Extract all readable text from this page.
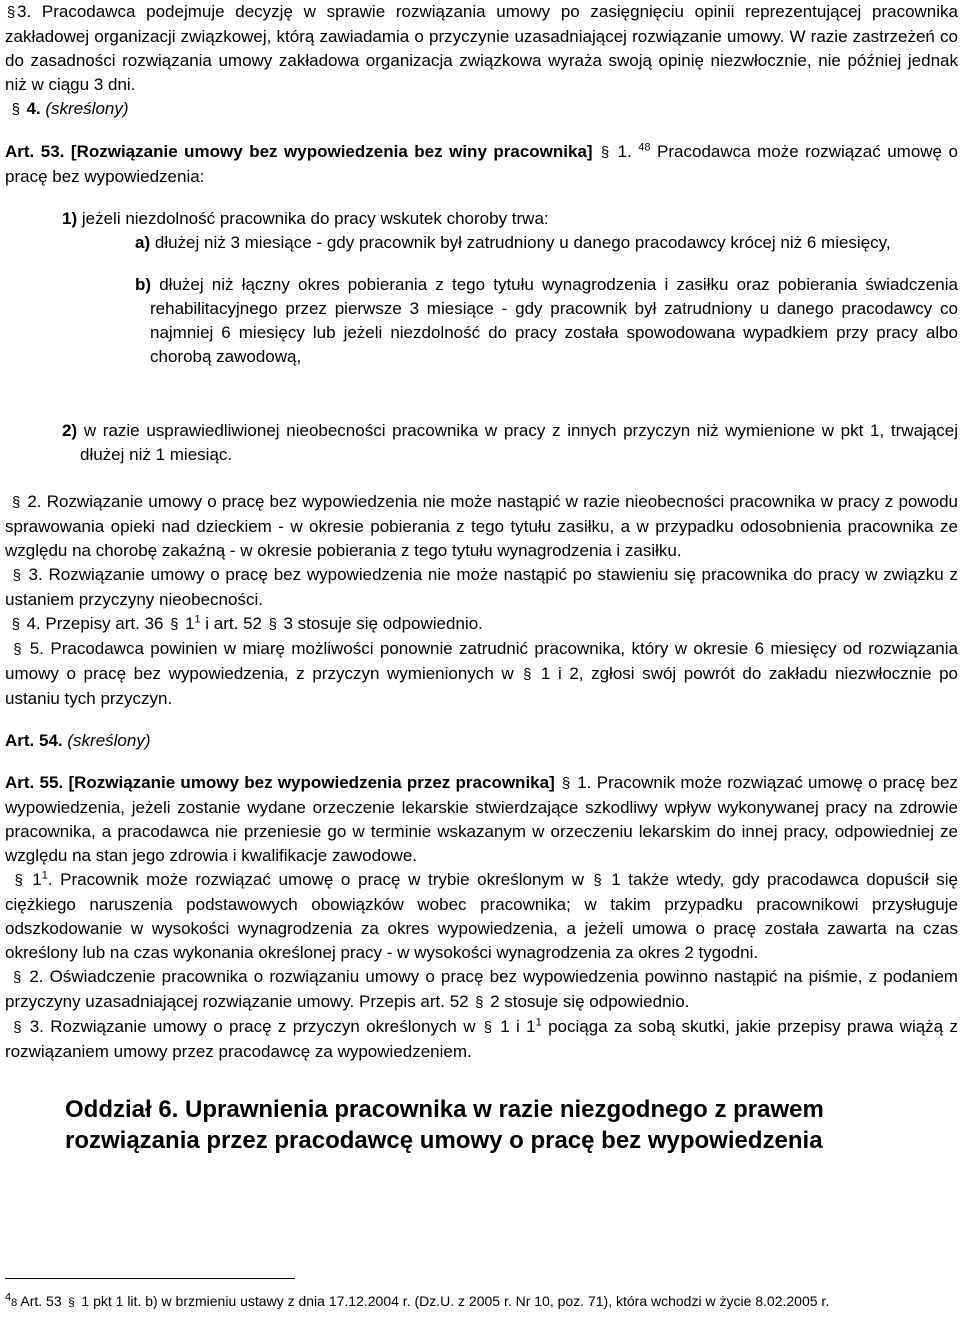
§ 3. Pracodawca podejmuje decyzję w sprawie rozwiązania umowy po zasięgnięciu opinii reprezentującej pracownika zakładowej organizacji związkowej, którą zawiadamia o przyczynie uzasadniającej rozwiązanie umowy. W razie zastrzeżeń co do zasadności rozwiązania umowy zakładowa organizacja związkowa wyraża swoją opinię niezwłocznie, nie później jednak niż w ciągu 3 dni.

§ 4. (skreślony)

Art. 53. [Rozwiązanie umowy bez wypowiedzenia bez winy pracownika] § 1. $^{48}$ Pracodawca może rozwiązać umowę o pracę bez wypowiedzenia:

1) jeżeli niezdolność pracownika do pracy wskutek choroby trwa:

a) dłużej niż 3 miesiące - gdy pracownik był zatrudniony u danego pracodawcy krócej niż 6 miesięcy,

b) dłużej niż łączny okres pobierania z tego tytułu wynagrodzenia i zasiłku oraz pobierania świadczenia rehabilitacyjnego przez pierwsze 3 miesiące - gdy pracownik był zatrudniony u danego pracodawcy co najmniej 6 miesięcy lub jeżeli niezdolność do pracy została spowodowana wypadkiem przy pracy albo chorobą zawodową,

2) w razie usprawiedliwionej nieobecności pracownika w pracy z innych przyczyn niż wymienione w pkt 1, trwającej dłużej niż 1 miesiąc.

§ 2. Rozwiązanie umowy o pracę bez wypowiedzenia nie może nastąpić w razie nieobecności pracownika w pracy z powodu sprawowania opieki nad dzieckiem - w okresie pobierania z tego tytułu zasiłku, a w przypadku odosobnienia pracownika ze względu na chorobę zakaźną - w okresie pobierania z tego tytułu wynagrodzenia i zasiłku.

§ 3. Rozwiązanie umowy o pracę bez wypowiedzenia nie może nastąpić po stawieniu się pracownika do pracy w związku z ustaniem przyczyny nieobecności.

§ 4. Przepisy art. 36 § $1^1$ i art. 52 § 3 stosuje się odpowiednio.

§ 5. Pracodawca powinien w miarę możliwości ponownie zatrudnić pracownika, który w okresie 6 miesięcy od rozwiązania umowy o pracę bez wypowiedzenia, z przyczyn wymienionych w § 1 i 2, zgłosi swój powrót do zakładu niezwłocznie po ustaniu tych przyczyn.

Art. 54. (skreślony)

Art. 55. [Rozwiązanie umowy bez wypowiedzenia przez pracownika] § 1. Pracownik może rozwiązać umowę o pracę bez wypowiedzenia, jeżeli zostanie wydane orzeczenie lekarskie stwierdzające szkodliwy wpływ wykonywanej pracy na zdrowie pracownika, a pracodawca nie przeniesie go w terminie wskazanym w orzeczeniu lekarskim do innej pracy, odpowiedniej ze względu na stan jego zdrowia i kwalifikacje zawodowe.

§ $1^1$. Pracownik może rozwiązać umowę o pracę w trybie określonym w § 1 także wtedy, gdy pracodawca dopuścił się ciężkiego naruszenia podstawowych obowiązków wobec pracownika; w takim przypadku pracownikowi przysługuje odszkodowanie w wysokości wynagrodzenia za okres wypowiedzenia, a jeżeli umowa o pracę została zawarta na czas określony lub na czas wykonania określonej pracy - w wysokości wynagrodzenia za okres 2 tygodni.

§ 2. Oświadczenie pracownika o rozwiązaniu umowy o pracę bez wypowiedzenia powinno nastąpić na piśmie, z podaniem przyczyny uzasadniającej rozwiązanie umowy. Przepis art. 52 § 2 stosuje się odpowiednio.

§ 3. Rozwiązanie umowy o pracę z przyczyn określonych w § 1 i $1^1$ pociąga za sobą skutki, jakie przepisy prawa wiążą z rozwiązaniem umowy przez pracodawcę za wypowiedzeniem.

Oddział 6. Uprawnienia pracownika w razie niezgodnego z prawem
rozwiązania przez pracodawcę umowy o pracę bez wypowiedzenia
$^4$8 Art. 53 § 1 pkt 1 lit. b) w brzmieniu ustawy z dnia 17.12.2004 r. (Dz.U. z 2005 r. Nr 10, poz. 71), która wchodzi w życie 8.02.2005 r.
